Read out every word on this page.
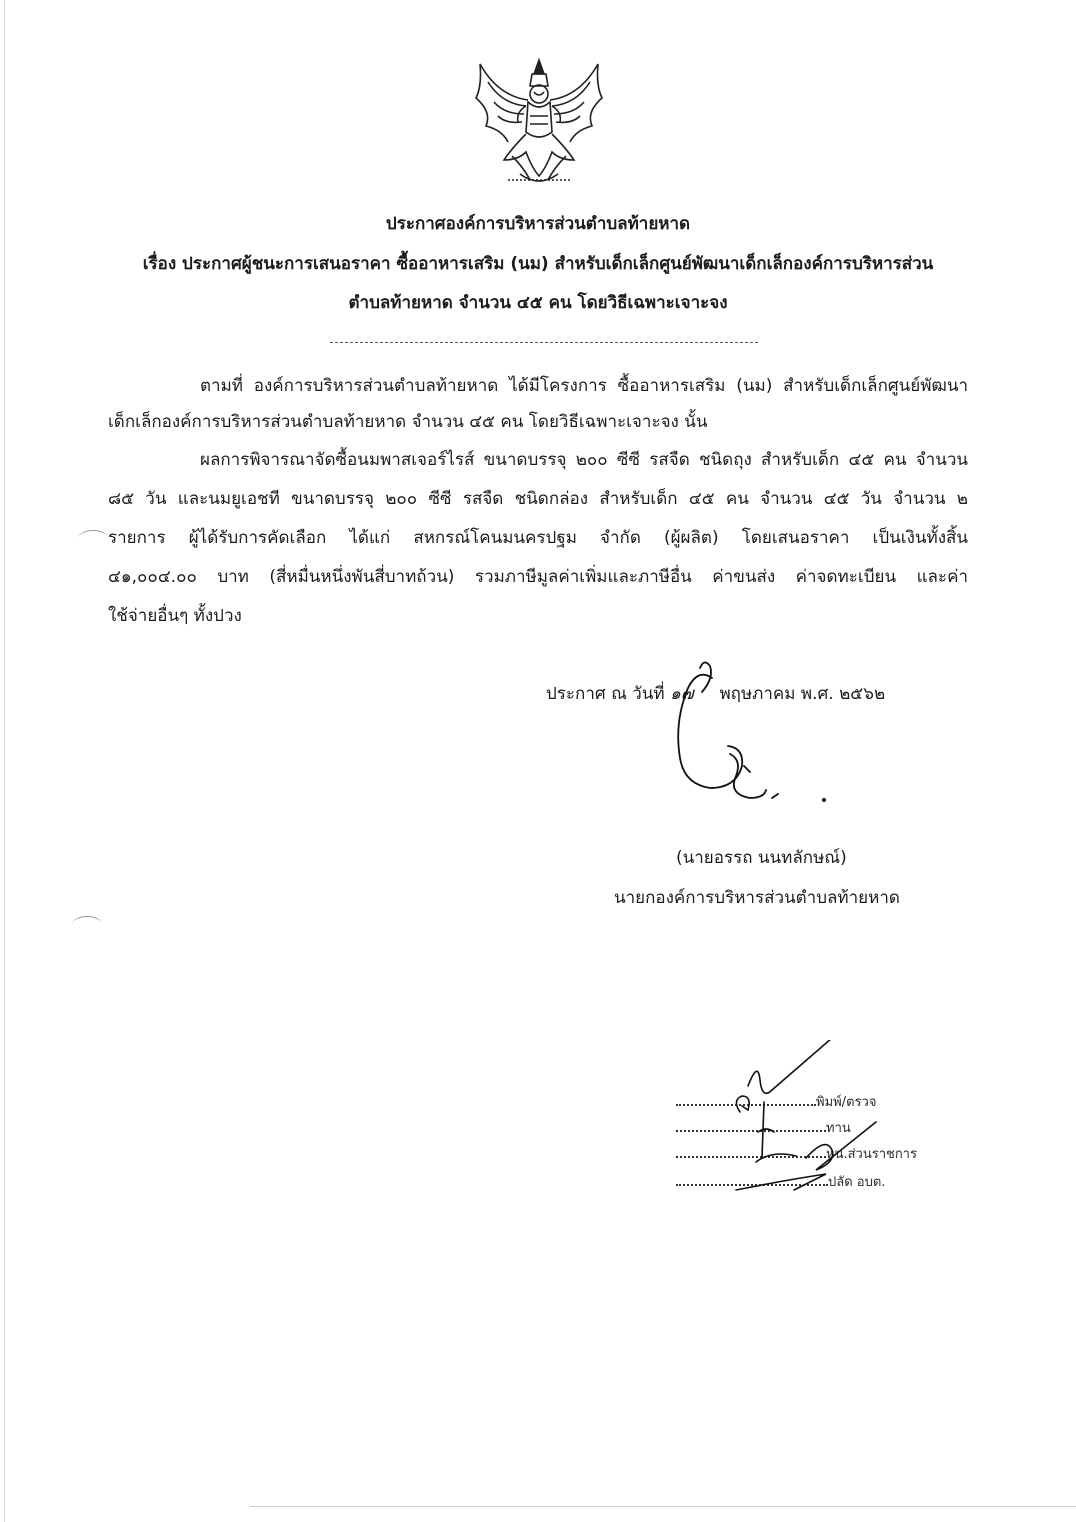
ประกาศองค์การบริหารส่วนตำบลท้ายหาด
เรื่อง ประกาศผู้ชนะการเสนอราคา ซื้ออาหารเสริม (นม) สำหรับเด็กเล็กศูนย์พัฒนาเด็กเล็กองค์การบริหารส่วน
ตำบลท้ายหาด จำนวน ๔๕ คน โดยวิธีเฉพาะเจาะจง
ตามที่ องค์การบริหารส่วนตำบลท้ายหาด ได้มีโครงการ ซื้ออาหารเสริม (นม) สำหรับเด็กเล็กศูนย์พัฒนา
เด็กเล็กองค์การบริหารส่วนตำบลท้ายหาด จำนวน ๔๕ คน โดยวิธีเฉพาะเจาะจง นั้น
ผลการพิจารณาจัดซื้อนมพาสเจอร์ไรส์ ขนาดบรรจุ ๒๐๐ ซีซี รสจืด ชนิดถุง สำหรับเด็ก ๔๕ คน จำนวน
๘๕ วัน และนมยูเอชที ขนาดบรรจุ ๒๐๐ ซีซี รสจืด ชนิดกล่อง สำหรับเด็ก ๔๕ คน จำนวน ๔๕ วัน จำนวน ๒
รายการ ผู้ได้รับการคัดเลือก ได้แก่ สหกรณ์โคนมนครปฐม จำกัด (ผู้ผลิต) โดยเสนอราคา เป็นเงินทั้งสิ้น
๔๑,๐๐๔.๐๐ บาท (สี่หมื่นหนึ่งพันสี่บาทถ้วน) รวมภาษีมูลค่าเพิ่มและภาษีอื่น ค่าขนส่ง ค่าจดทะเบียน และค่า
ใช้จ่ายอื่นๆ ทั้งปวง
ประกาศ ณ วันที่ ๑๗ พฤษภาคม พ.ศ. ๒๕๖๒
(นายอรรถ นนทลักษณ์)
นายกองค์การบริหารส่วนตำบลท้ายหาด
พิมพ์/ตรวจ
ทาน
หน.ส่วนราชการ
ปลัด อบต.
